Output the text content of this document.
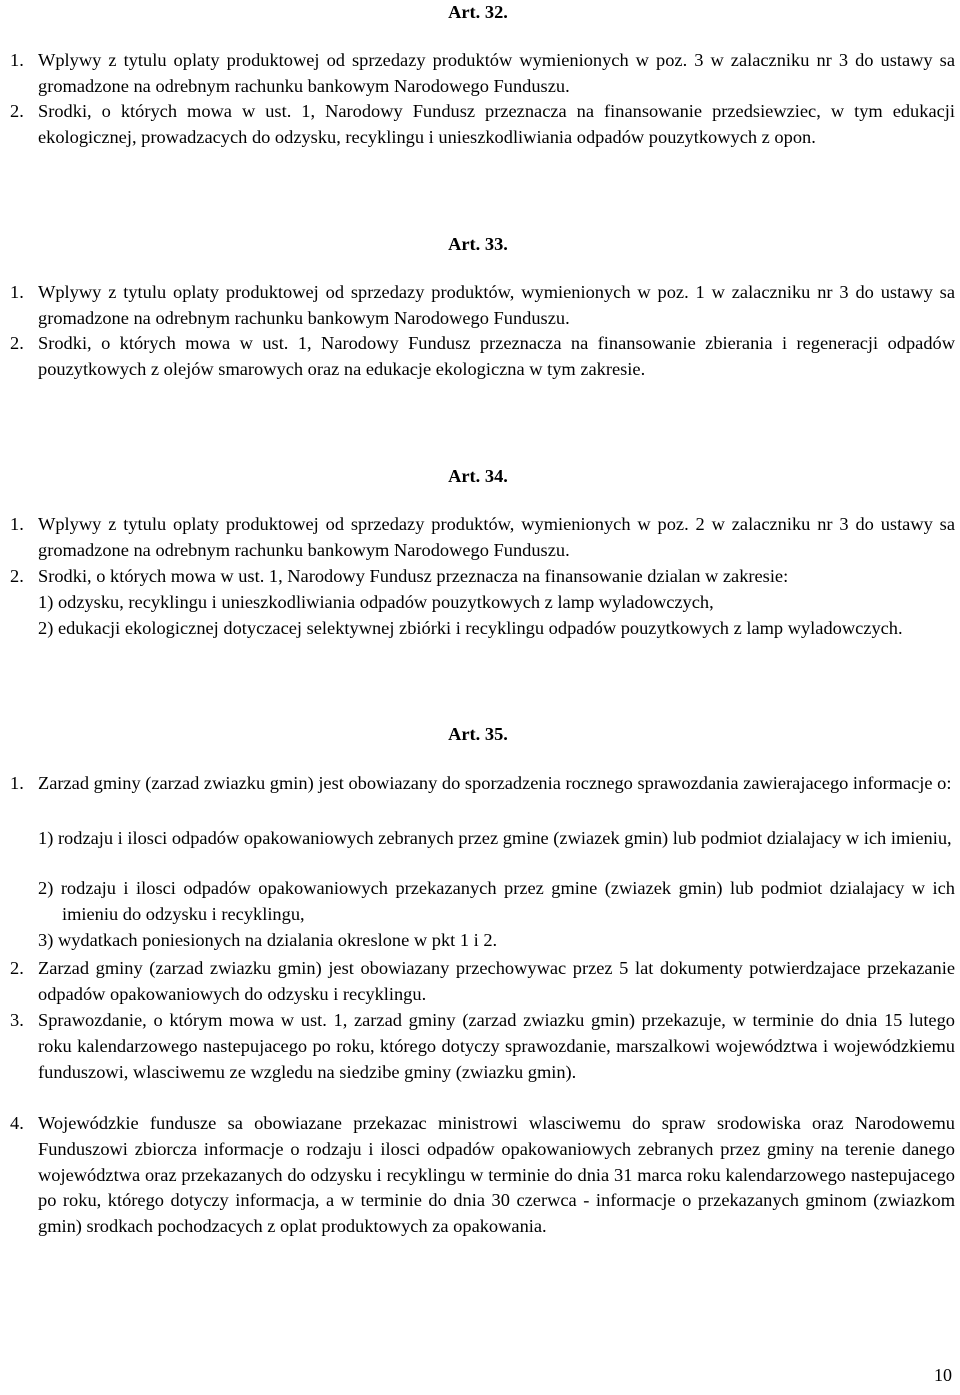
Art. 32.
1. Wplywy z tytulu oplaty produktowej od sprzedazy produktów wymienionych w poz. 3 w zalaczniku nr 3 do ustawy sa gromadzone na odrebnym rachunku bankowym Narodowego Funduszu.
2. Srodki, o których mowa w ust. 1, Narodowy Fundusz przeznacza na finansowanie przedsiewziec, w tym edukacji ekologicznej, prowadzacych do odzysku, recyklingu i unieszkodliwiania odpadów pouzytkowych z opon.
Art. 33.
1. Wplywy z tytulu oplaty produktowej od sprzedazy produktów, wymienionych w poz. 1 w zalaczniku nr 3 do ustawy sa gromadzone na odrebnym rachunku bankowym Narodowego Funduszu.
2. Srodki, o których mowa w ust. 1, Narodowy Fundusz przeznacza na finansowanie zbierania i regeneracji odpadów pouzytkowych z olejów smarowych oraz na edukacje ekologiczna w tym zakresie.
Art. 34.
1. Wplywy z tytulu oplaty produktowej od sprzedazy produktów, wymienionych w poz. 2 w zalaczniku nr 3 do ustawy sa gromadzone na odrebnym rachunku bankowym Narodowego Funduszu.
2. Srodki, o których mowa w ust. 1, Narodowy Fundusz przeznacza na finansowanie dzialan w zakresie:
1) odzysku, recyklingu i unieszkodliwiania odpadów pouzytkowych z lamp wyladowczych,
2) edukacji ekologicznej dotyczacej selektywnej zbiórki i recyklingu odpadów pouzytkowych z lamp wyladowczych.
Art. 35.
1. Zarzad gminy (zarzad zwiazku gmin) jest obowiazany do sporzadzenia rocznego sprawozdania zawierajacego informacje o:
1) rodzaju i ilosci odpadów opakowaniowych zebranych przez gmine (zwiazek gmin) lub podmiot dzialajacy w ich imieniu,
2) rodzaju i ilosci odpadów opakowaniowych przekazanych przez gmine (zwiazek gmin) lub podmiot dzialajacy w ich imieniu do odzysku i recyklingu,
3) wydatkach poniesionych na dzialania okreslone w pkt 1 i 2.
2. Zarzad gminy (zarzad zwiazku gmin) jest obowiazany przechowywac przez 5 lat dokumenty potwierdzajace przekazanie odpadów opakowaniowych do odzysku i recyklingu.
3. Sprawozdanie, o którym mowa w ust. 1, zarzad gminy (zarzad zwiazku gmin) przekazuje, w terminie do dnia 15 lutego roku kalendarzowego nastepujacego po roku, którego dotyczy sprawozdanie, marszalkowi województwa i wojewódzkiemu funduszowi, wlasciwemu ze wzgledu na siedzibe gminy (zwiazku gmin).
4. Wojewódzkie fundusze sa obowiazane przekazac ministrowi wlasciwemu do spraw srodowiska oraz Narodowemu Funduszowi zbiorcza informacje o rodzaju i ilosci odpadów opakowaniowych zebranych przez gminy na terenie danego województwa oraz przekazanych do odzysku i recyklingu w terminie do dnia 31 marca roku kalendarzowego nastepujacego po roku, którego dotyczy informacja, a w terminie do dnia 30 czerwca - informacje o przekazanych gminom (zwiazkom gmin) srodkach pochodzacych z oplat produktowych za opakowania.
10
